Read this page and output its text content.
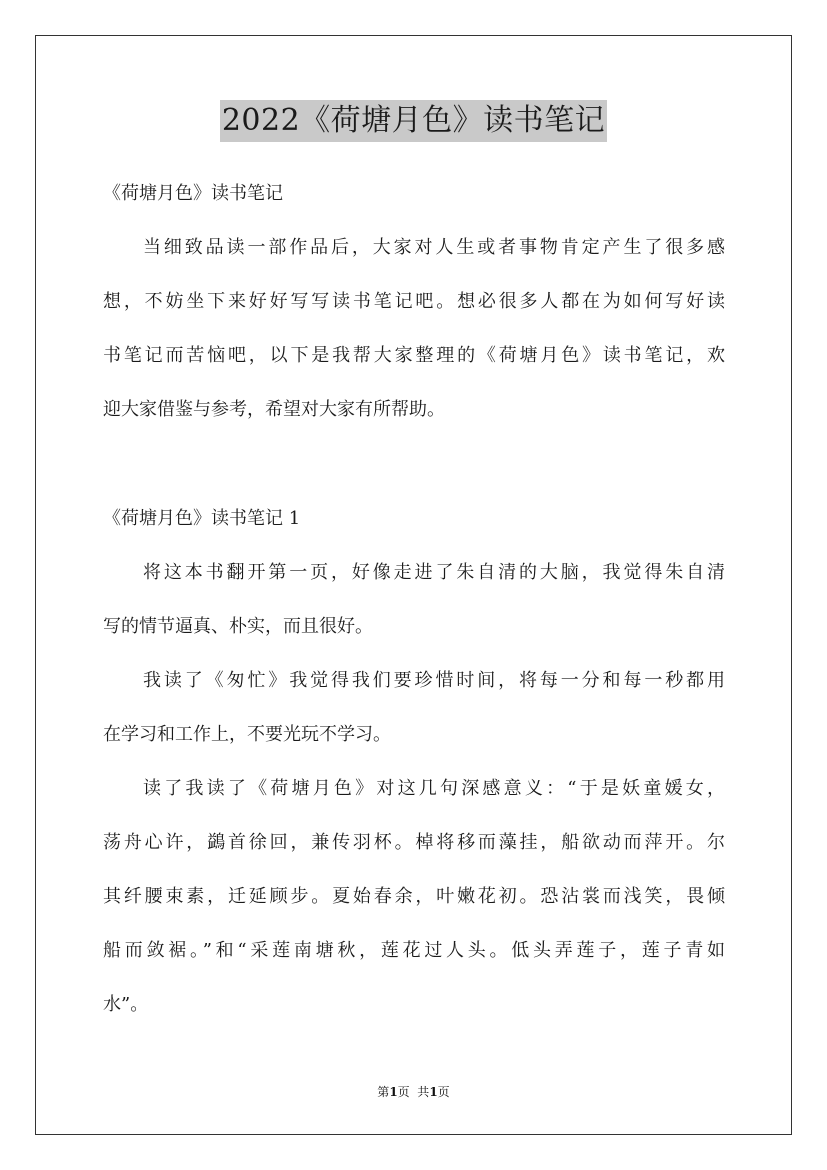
2022《荷塘月色》读书笔记

《荷塘月色》读书笔记

当细致品读一部作品后，大家对人生或者事物肯定产生了很多感

想，不妨坐下来好好写写读书笔记吧。想必很多人都在为如何写好读

书笔记而苦恼吧，以下是我帮大家整理的《荷塘月色》读书笔记，欢

迎大家借鉴与参考，希望对大家有所帮助。

《荷塘月色》读书笔记 1

将这本书翻开第一页，好像走进了朱自清的大脑，我觉得朱自清

写的情节逼真、朴实，而且很好。

我读了《匆忙》我觉得我们要珍惜时间，将每一分和每一秒都用

在学习和工作上，不要光玩不学习。

读了我读了《荷塘月色》对这几句深感意义：“于是妖童媛女，

荡舟心许，鷁首徐回，兼传羽杯。棹将移而藻挂，船欲动而萍开。尔

其纤腰束素，迁延顾步。夏始春余，叶嫩花初。恐沾裳而浅笑，畏倾

船而敛裾。”和“采莲南塘秋，莲花过人头。低头弄莲子，莲子青如

水”。

第1页  共1页
